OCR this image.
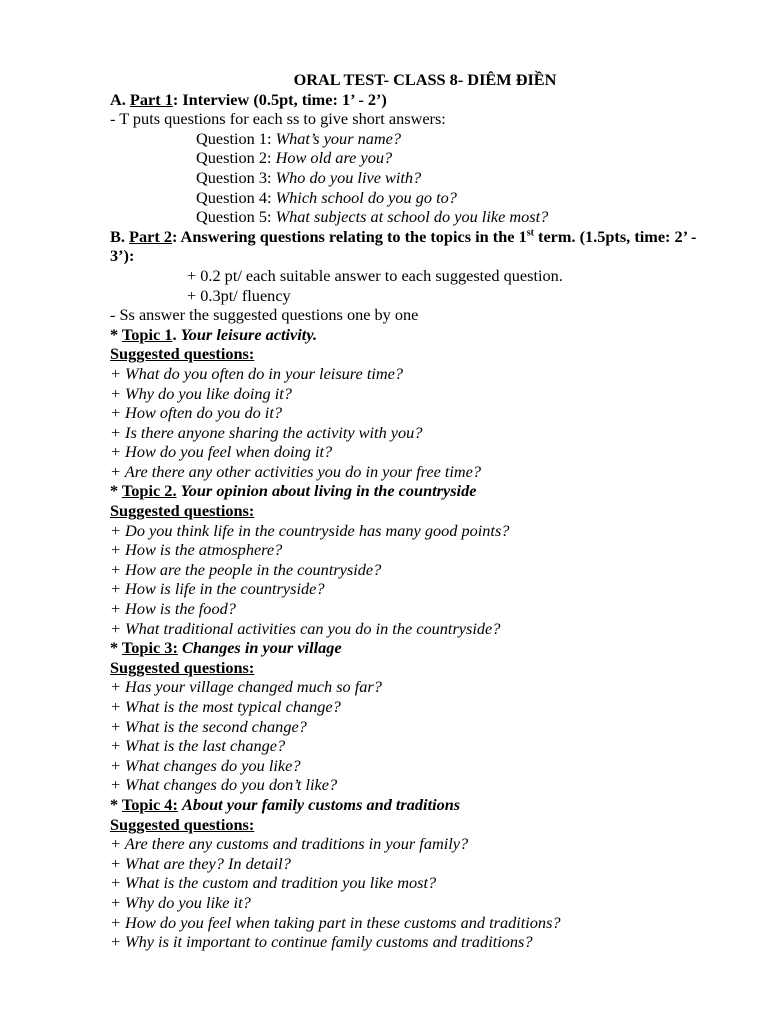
ORAL TEST- CLASS 8- DIÊM ĐIỀN
A. Part 1: Interview (0.5pt, time: 1’ - 2’)
- T puts questions for each ss to give short answers:
Question 1: What’s your name?
Question 2: How old are you?
Question 3: Who do you live with?
Question 4: Which school do you go to?
Question 5: What subjects at school do you like most?
B. Part 2: Answering questions relating to the topics in the 1st term. (1.5pts, time: 2’ - 3’):
+ 0.2 pt/ each suitable answer to each suggested question.
+ 0.3pt/ fluency
- Ss answer the suggested questions one by one
* Topic 1. Your leisure activity.
Suggested questions:
+ What do you often do in your leisure time?
+ Why do you like doing it?
+ How often do you do it?
+ Is there anyone sharing the activity with you?
+ How do you feel when doing it?
+ Are there any other activities you do in your free time?
* Topic 2. Your opinion about living in the countryside
Suggested questions:
+ Do you think life in the countryside has many good points?
+ How is the atmosphere?
+ How are the people in the countryside?
+ How is life in the countryside?
+ How is the food?
+ What traditional activities can you do in the countryside?
* Topic 3: Changes in your village
Suggested questions:
+ Has your village changed much so far?
+ What is the most typical change?
+ What is the second change?
+ What is the last change?
+ What changes do you like?
+ What changes do you don’t like?
* Topic 4: About your family customs and traditions
Suggested questions:
+ Are there any customs and traditions in your family?
+ What are they? In detail?
+ What is the custom and tradition you like most?
+ Why do you like it?
+ How do you feel when taking part in these customs and traditions?
+ Why is it important to continue family customs and traditions?
